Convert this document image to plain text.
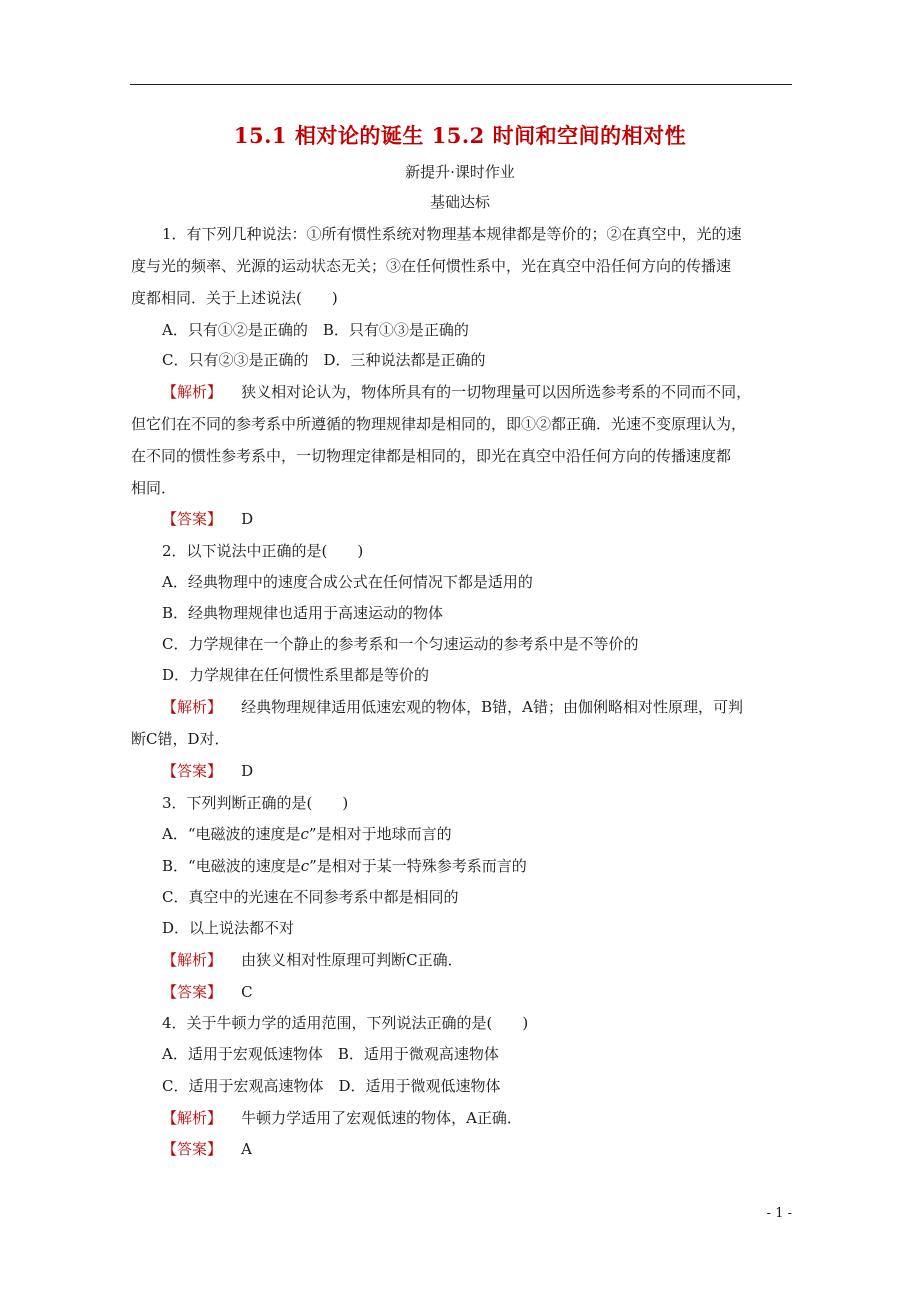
15.1 相对论的诞生 15.2 时间和空间的相对性
新提升·课时作业
基础达标
1．有下列几种说法：①所有惯性系统对物理基本规律都是等价的；②在真空中，光的速
度与光的频率、光源的运动状态无关；③在任何惯性系中，光在真空中沿任何方向的传播速
度都相同．关于上述说法(　　)
A．只有①②是正确的　B．只有①③是正确的
C．只有②③是正确的　D．三种说法都是正确的
【解析】 狭义相对论认为，物体所具有的一切物理量可以因所选参考系的不同而不同，
但它们在不同的参考系中所遵循的物理规律却是相同的，即①②都正确．光速不变原理认为，
在不同的惯性参考系中，一切物理定律都是相同的，即光在真空中沿任何方向的传播速度都
相同．
【答案】 D
2．以下说法中正确的是(　　)
A．经典物理中的速度合成公式在任何情况下都是适用的
B．经典物理规律也适用于高速运动的物体
C．力学规律在一个静止的参考系和一个匀速运动的参考系中是不等价的
D．力学规律在任何惯性系里都是等价的
【解析】 经典物理规律适用低速宏观的物体，B错，A错；由伽俐略相对性原理，可判
断C错，D对．
【答案】 D
3．下列判断正确的是(　　)
A．“电磁波的速度是c”是相对于地球而言的
B．“电磁波的速度是c”是相对于某一特殊参考系而言的
C．真空中的光速在不同参考系中都是相同的
D．以上说法都不对
【解析】 由狭义相对性原理可判断C正确．
【答案】 C
4．关于牛顿力学的适用范围，下列说法正确的是(　　)
A．适用于宏观低速物体　B．适用于微观高速物体
C．适用于宏观高速物体　D．适用于微观低速物体
【解析】 牛顿力学适用了宏观低速的物体，A正确．
【答案】 A
- 1 -
